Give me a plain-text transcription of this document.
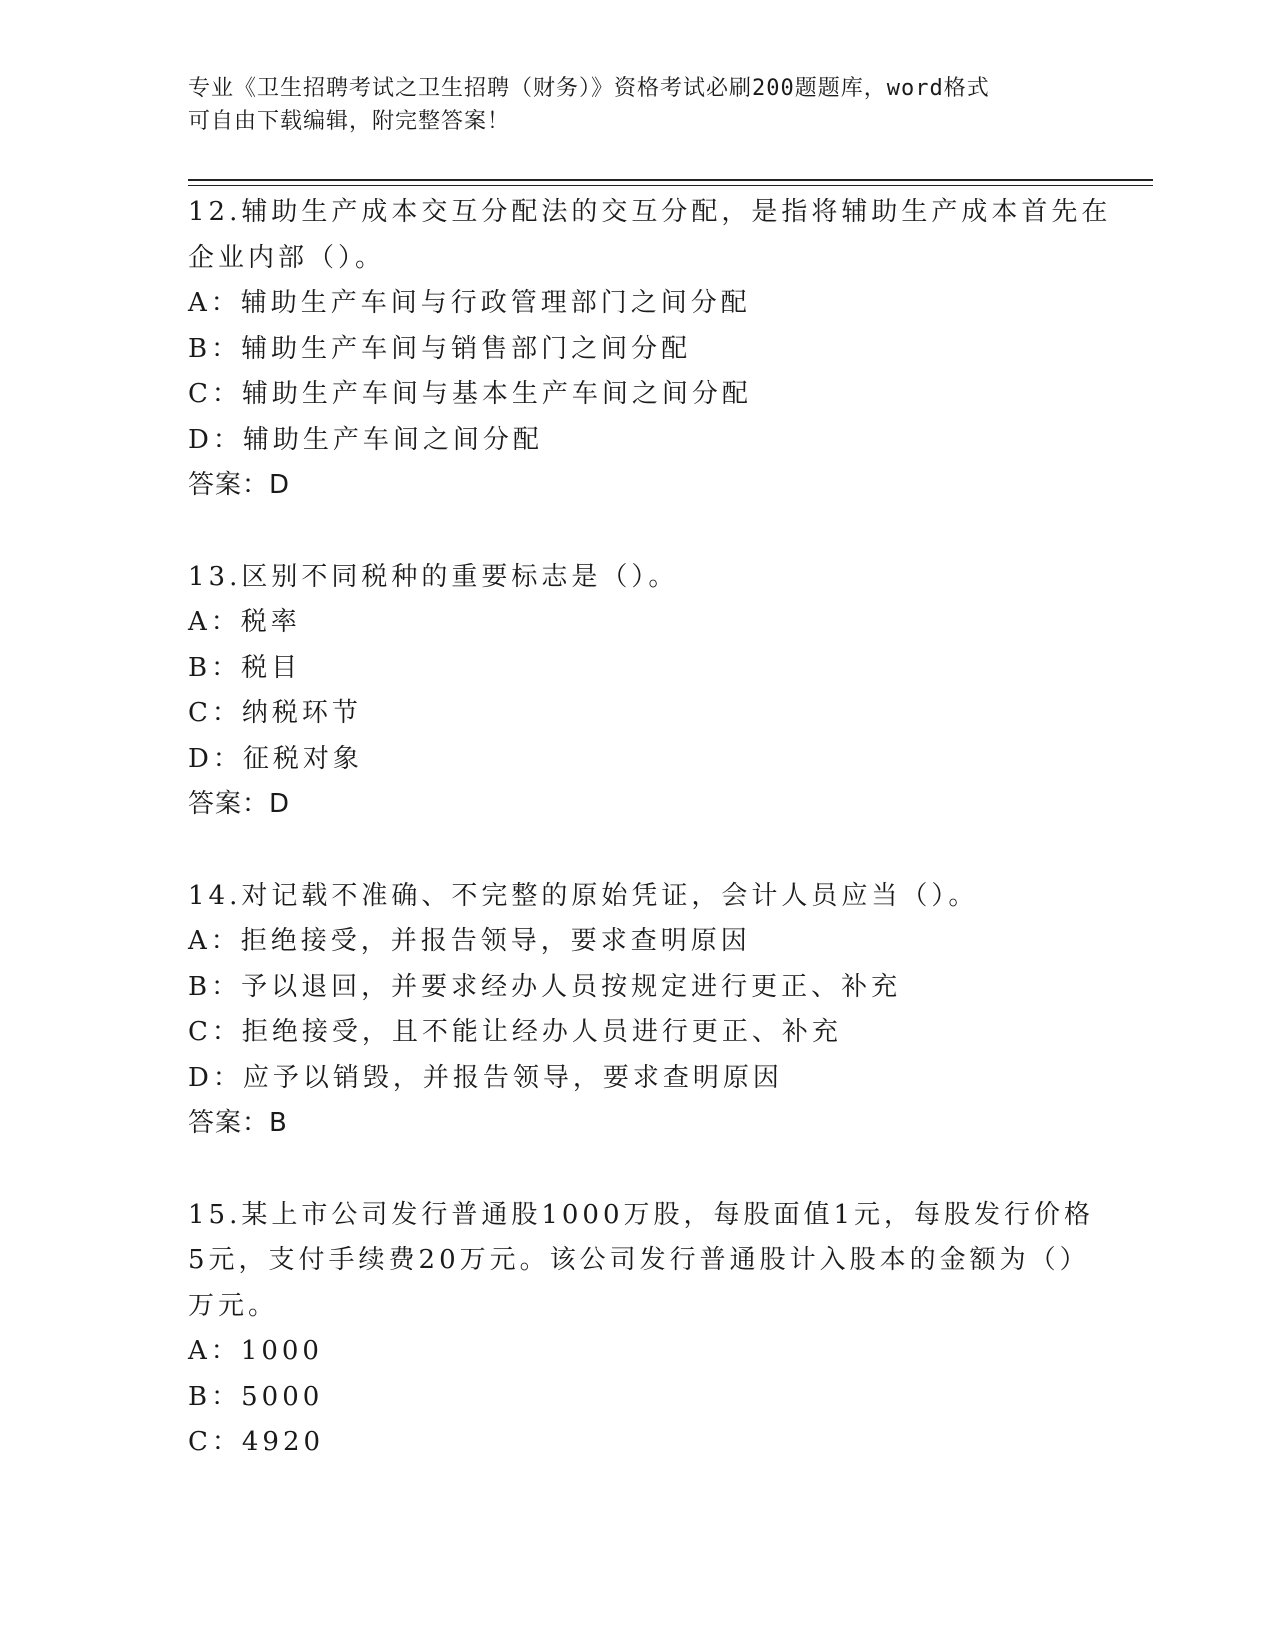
专业《卫生招聘考试之卫生招聘（财务）》资格考试必刷200题题库，word格式
可自由下载编辑，附完整答案！
12.辅助生产成本交互分配法的交互分配，是指将辅助生产成本首先在
企业内部（）。
A：辅助生产车间与行政管理部门之间分配
B：辅助生产车间与销售部门之间分配
C：辅助生产车间与基本生产车间之间分配
D：辅助生产车间之间分配
答案：D
13.区别不同税种的重要标志是（）。
A：税率
B：税目
C：纳税环节
D：征税对象
答案：D
14.对记载不准确、不完整的原始凭证，会计人员应当（）。
A：拒绝接受，并报告领导，要求查明原因
B：予以退回，并要求经办人员按规定进行更正、补充
C：拒绝接受，且不能让经办人员进行更正、补充
D：应予以销毁，并报告领导，要求查明原因
答案：B
15.某上市公司发行普通股1000万股，每股面值1元，每股发行价格
5元，支付手续费20万元。该公司发行普通股计入股本的金额为（）
万元。
A：1000
B：5000
C：4920
